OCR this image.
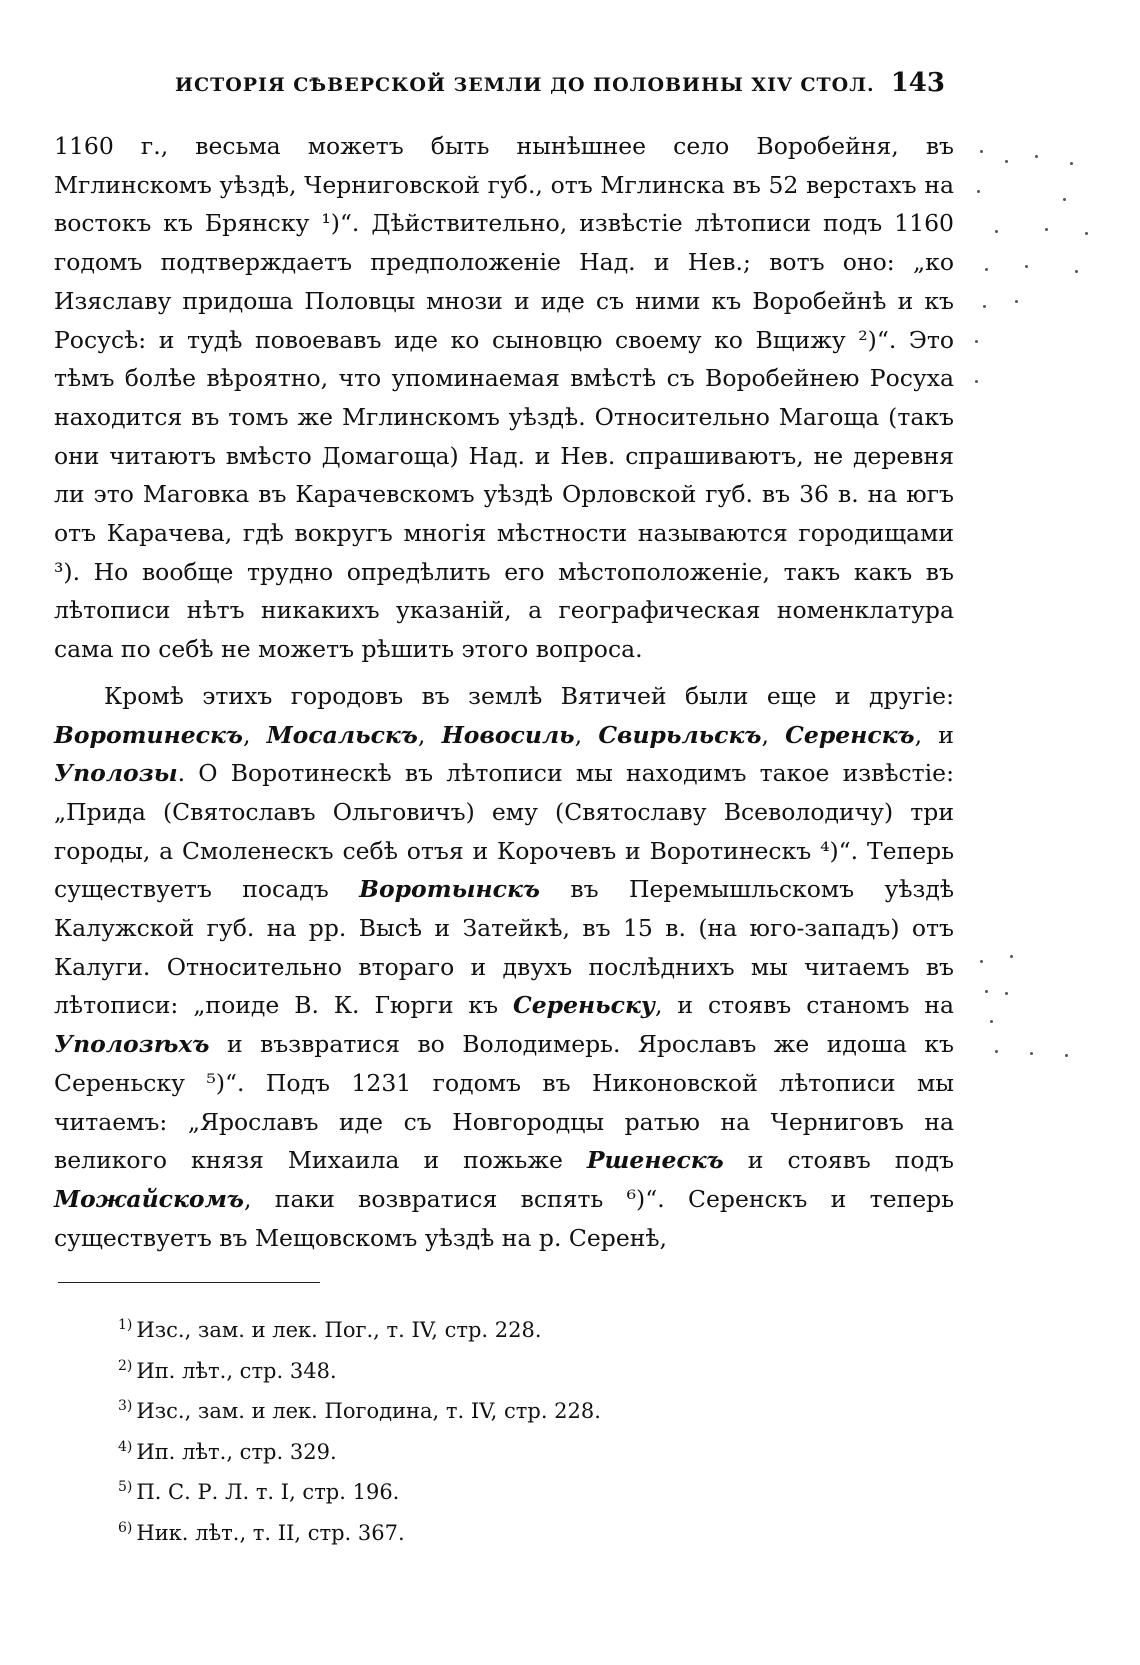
ИСТОРІЯ СѢВЕРСКОЙ ЗЕМЛИ ДО ПОЛОВИНЫ XIV СТОЛ. 143

1160 г., весьма можетъ быть нынѣшнее село Воробейня, въ Мглинскомъ уѣздѣ, Черниговской губ., отъ Мглинска въ 52 верстахъ на востокъ къ Брянску ¹)“. Дѣйствительно, извѣстіе лѣтописи подъ 1160 годомъ подтверждаетъ предположеніе Над. и Нев.; вотъ оно: „ко Изяславу придоша Половцы мнози и иде съ ними къ Воробейнѣ и къ Росусѣ: и тудѣ повоевавъ иде ко сыновцю своему ко Вщижу ²)“. Это тѣмъ болѣе вѣроятно, что упоминаемая вмѣстѣ съ Воробейнею Росуха находится въ томъ же Мглинскомъ уѣздѣ. Относительно Магоща (такъ они читаютъ вмѣсто Домагоща) Над. и Нев. спрашиваютъ, не деревня ли это Маговка въ Карачевскомъ уѣздѣ Орловской губ. въ 36 в. на югъ отъ Карачева, гдѣ вокругъ многія мѣстности называются городищами ³). Но вообще трудно опредѣлить его мѣстоположеніе, такъ какъ въ лѣтописи нѣтъ никакихъ указаній, а географическая номенклатура сама по себѣ не можетъ рѣшить этого вопроса.

Кромѣ этихъ городовъ въ землѣ Вятичей были еще и другіе: Воротинескъ, Мосальскъ, Новосиль, Свирьльскъ, Серенскъ, и Уполозы. О Воротинескѣ въ лѣтописи мы находимъ такое извѣстіе: „Прида (Святославъ Ольговичъ) ему (Святославу Всеволодичу) три городы, а Смоленескъ себѣ отъя и Корочевъ и Воротинескъ ⁴)“. Теперь существуетъ посадъ Воротынскъ въ Перемышльскомъ уѣздѣ Калужской губ. на рр. Высѣ и Затейкѣ, въ 15 в. (на юго-западъ) отъ Калуги. Относительно втораго и двухъ послѣднихъ мы читаемъ въ лѣтописи: „поиде В. К. Гюрги къ Сереньску, и стоявъ станомъ на Уполозѣхъ и възвратися во Володимерь. Ярославъ же идоша къ Сереньску ⁵)“. Подъ 1231 годомъ въ Никоновской лѣтописи мы читаемъ: „Ярославъ иде съ Новгородцы ратью на Черниговъ на великого князя Михаила и пожьже Ршенескъ и стоявъ подъ Можайскомъ, паки возвратися вспять ⁶)“. Серенскъ и теперь существуетъ въ Мещовскомъ уѣздѣ на р. Серенѣ,

$^{1)}$ Изс., зам. и лек. Пог., т. IV, стр. 228.
$^{2)}$ Ип. лѣт., стр. 348.
$^{3)}$ Изс., зам. и лек. Погодина, т. IV, стр. 228.
$^{4)}$ Ип. лѣт., стр. 329.
$^{5)}$ П. С. Р. Л. т. I, стр. 196.
$^{6)}$ Ник. лѣт., т. II, стр. 367.
